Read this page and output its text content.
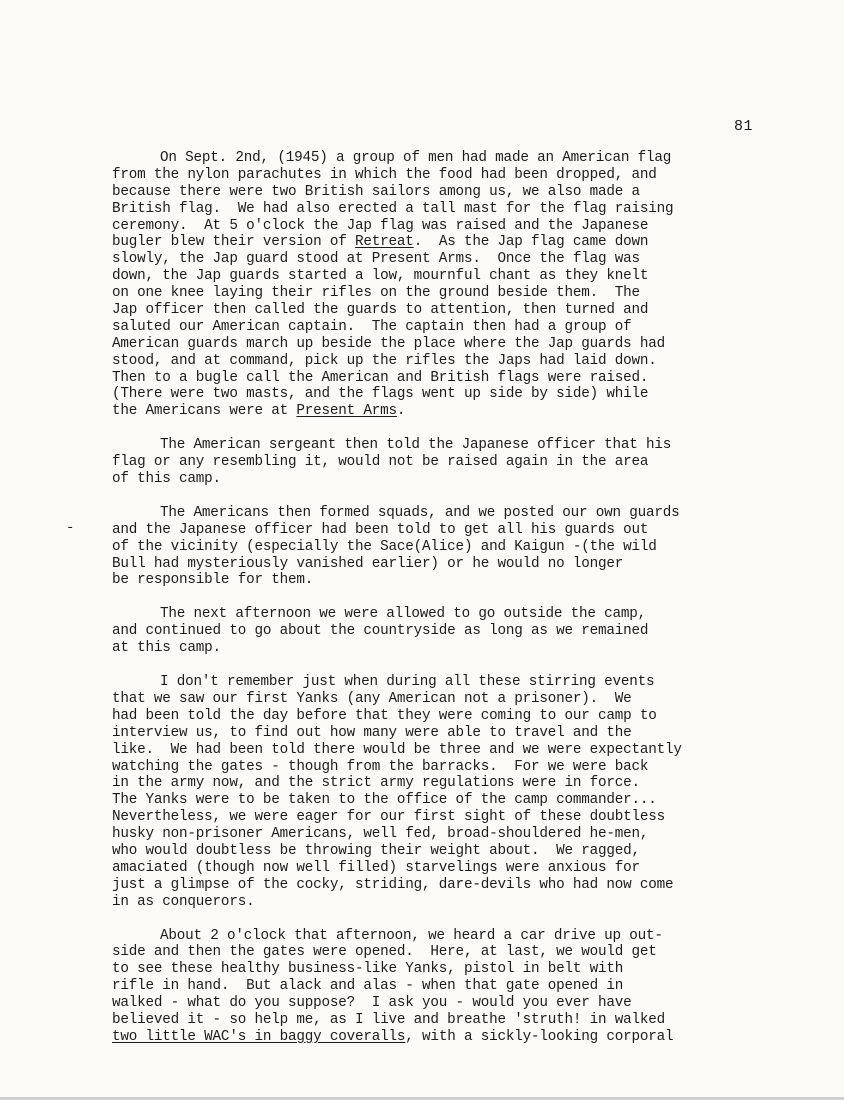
81
-
On Sept. 2nd, (1945) a group of men had made an American flag
from the nylon parachutes in which the food had been dropped, and
because there were two British sailors among us, we also made a
British flag.  We had also erected a tall mast for the flag raising
ceremony.  At 5 o'clock the Jap flag was raised and the Japanese
bugler blew their version of Retreat.  As the Jap flag came down
slowly, the Jap guard stood at Present Arms.  Once the flag was
down, the Jap guards started a low, mournful chant as they knelt
on one knee laying their rifles on the ground beside them.  The
Jap officer then called the guards to attention, then turned and
saluted our American captain.  The captain then had a group of
American guards march up beside the place where the Jap guards had
stood, and at command, pick up the rifles the Japs had laid down.
Then to a bugle call the American and British flags were raised.
(There were two masts, and the flags went up side by side) while
the Americans were at Present Arms.
The American sergeant then told the Japanese officer that his
flag or any resembling it, would not be raised again in the area
of this camp.
The Americans then formed squads, and we posted our own guards
and the Japanese officer had been told to get all his guards out
of the vicinity (especially the Sace(Alice) and Kaigun -(the wild
Bull had mysteriously vanished earlier) or he would no longer
be responsible for them.
The next afternoon we were allowed to go outside the camp,
and continued to go about the countryside as long as we remained
at this camp.
I don't remember just when during all these stirring events
that we saw our first Yanks (any American not a prisoner).  We
had been told the day before that they were coming to our camp to
interview us, to find out how many were able to travel and the
like.  We had been told there would be three and we were expectantly
watching the gates - though from the barracks.  For we were back
in the army now, and the strict army regulations were in force.
The Yanks were to be taken to the office of the camp commander...
Nevertheless, we were eager for our first sight of these doubtless
husky non-prisoner Americans, well fed, broad-shouldered he-men,
who would doubtless be throwing their weight about.  We ragged,
amaciated (though now well filled) starvelings were anxious for
just a glimpse of the cocky, striding, dare-devils who had now come
in as conquerors.
About 2 o'clock that afternoon, we heard a car drive up out-
side and then the gates were opened.  Here, at last, we would get
to see these healthy business-like Yanks, pistol in belt with
rifle in hand.  But alack and alas - when that gate opened in
walked - what do you suppose?  I ask you - would you ever have
believed it - so help me, as I live and breathe 'struth! in walked
two little WAC's in baggy coveralls, with a sickly-looking corporal
